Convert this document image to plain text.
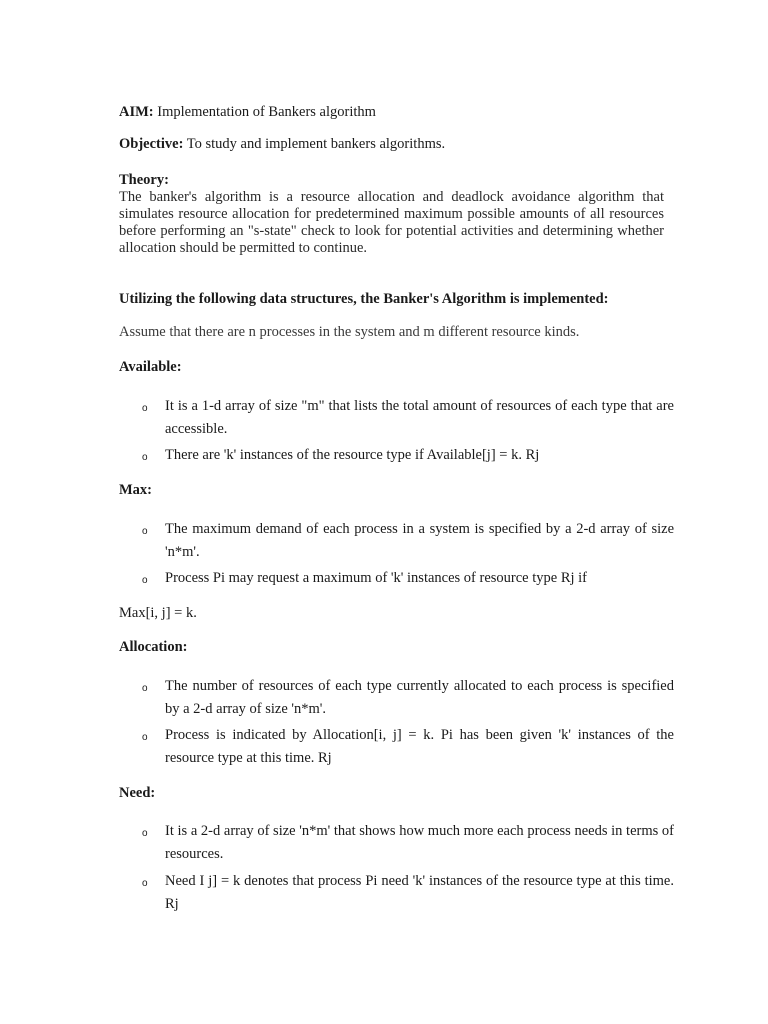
AIM: Implementation of Bankers algorithm
Objective: To study and implement bankers algorithms.
Theory:
The banker's algorithm is a resource allocation and deadlock avoidance algorithm that simulates resource allocation for predetermined maximum possible amounts of all resources before performing an "s-state" check to look for potential activities and determining whether allocation should be permitted to continue.
Utilizing the following data structures, the Banker's Algorithm is implemented:
Assume that there are n processes in the system and m different resource kinds.
Available:
o It is a 1-d array of size "m" that lists the total amount of resources of each type that are accessible.
o There are 'k' instances of the resource type if Available[j] = k. Rj
Max:
o The maximum demand of each process in a system is specified by a 2-d array of size 'n*m'.
o Process Pi may request a maximum of 'k' instances of resource type Rj if
Max[i, j] = k.
Allocation:
o The number of resources of each type currently allocated to each process is specified by a 2-d array of size 'n*m'.
o Process is indicated by Allocation[i, j] = k. Pi has been given 'k' instances of the resource type at this time. Rj
Need:
o It is a 2-d array of size 'n*m' that shows how much more each process needs in terms of resources.
o Need I j] = k denotes that process Pi need 'k' instances of the resource type at this time. Rj
